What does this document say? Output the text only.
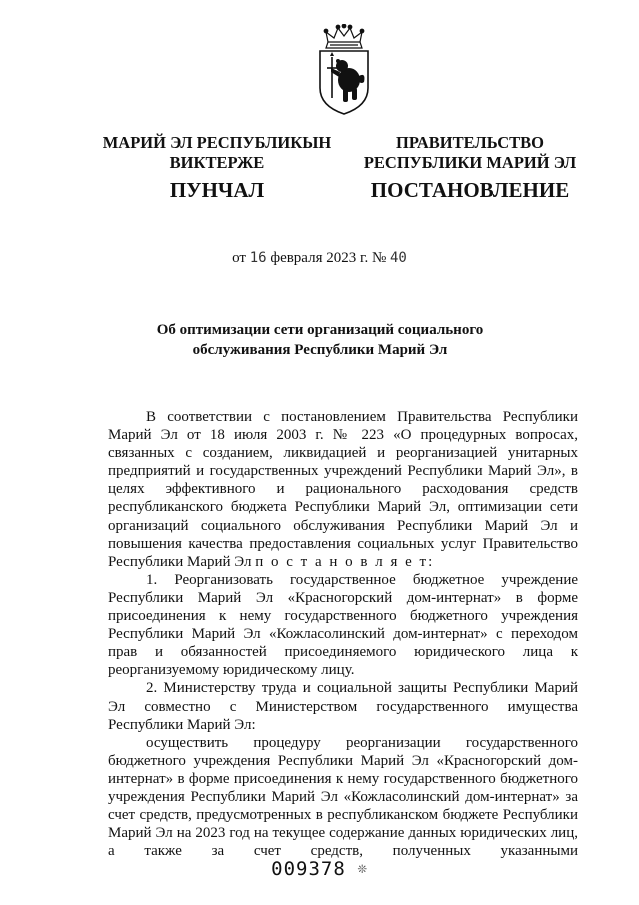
МАРИЙ ЭЛ РЕСПУБЛИКЫН
ВИКТЕРЖЕ
ПРАВИТЕЛЬСТВО
РЕСПУБЛИКИ МАРИЙ ЭЛ
ПУНЧАЛ	ПОСТАНОВЛЕНИЕ
от 16 февраля 2023 г. № 40
Об оптимизации сети организаций социального
обслуживания Республики Марий Эл

В соответствии с постановлением Правительства Республики Марий Эл от 18 июля 2003 г. № 223 «О процедурных вопросах, связанных с созданием, ликвидацией и реорганизацией унитарных предприятий и государственных учреждений Республики Марий Эл», в целях эффективного и рационального расходования средств республиканского бюджета Республики Марий Эл, оптимизации сети организаций социального обслуживания Республики Марий Эл и повышения качества предоставления социальных услуг Правительство Республики Марий Эл п о с т а н о в л я е т:

1. Реорганизовать государственное бюджетное учреждение Республики Марий Эл «Красногорский дом-интернат» в форме присоединения к нему государственного бюджетного учреждения Республики Марий Эл «Кожласолинский дом-интернат» с переходом прав и обязанностей присоединяемого юридического лица к реорганизуемому юридическому лицу.

2. Министерству труда и социальной защиты Республики Марий Эл совместно с Министерством государственного имущества Республики Марий Эл:

осуществить процедуру реорганизации государственного бюджетного учреждения Республики Марий Эл «Красногорский дом-интернат» в форме присоединения к нему государственного бюджетного учреждения Республики Марий Эл «Кожласолинский дом-интернат» за счет средств, предусмотренных в республиканском бюджете Республики Марий Эл на 2023 год на текущее содержание данных юридических лиц, а также за счет средств, полученных указанными

009378 ❊
